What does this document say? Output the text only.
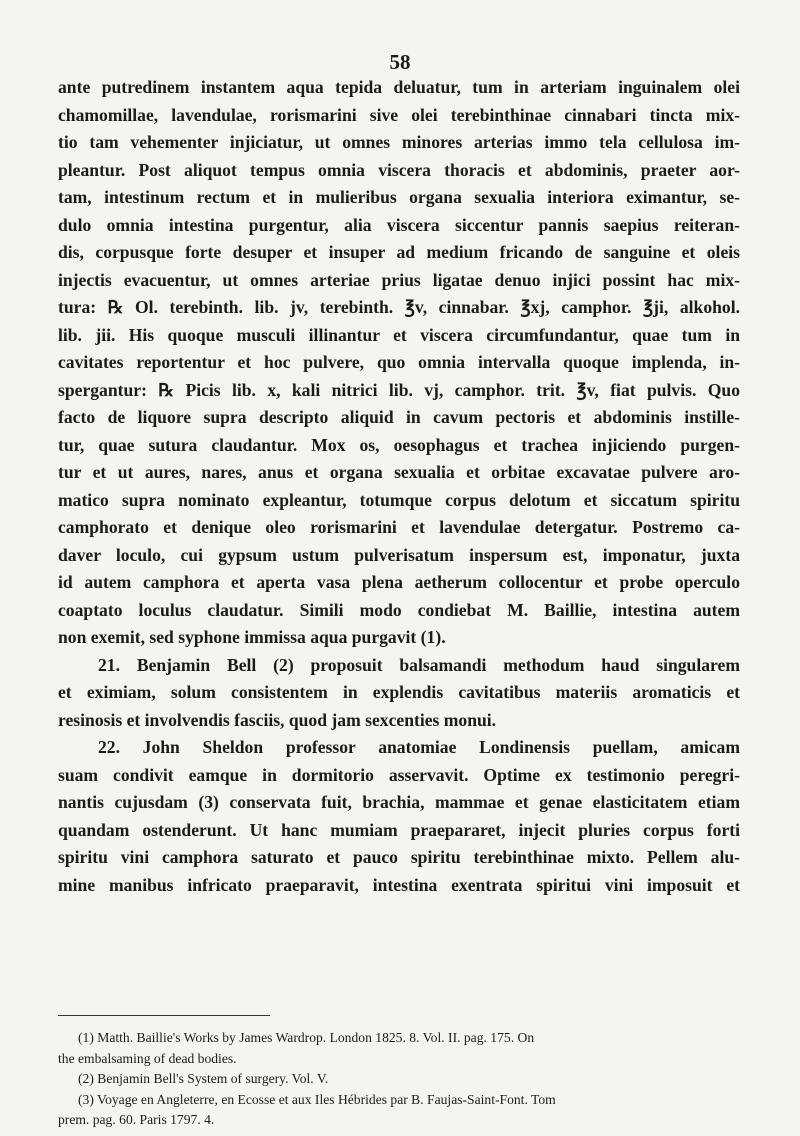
58
ante putredinem instantem aqua tepida deluatur, tum in arteriam inguinalem olei
chamomillae, lavendulae, rorismarini sive olei terebinthinae cinnabari tincta mix-
tio tam vehementer injiciatur, ut omnes minores arterias immo tela cellulosa im-
pleantur. Post aliquot tempus omnia viscera thoracis et abdominis, praeter aor-
tam, intestinum rectum et in mulieribus organa sexualia interiora eximantur, se-
dulo omnia intestina purgentur, alia viscera siccentur pannis saepius reiteran-
dis, corpusque forte desuper et insuper ad medium fricando de sanguine et oleis
injectis evacuentur, ut omnes arteriae prius ligatae denuo injici possint hac mix-
tura: ℞ Ol. terebinth. lib. jv, terebinth. ℥v, cinnabar. ℥xj, camphor. ℥ji, alkohol.
lib. jii. His quoque musculi illinantur et viscera circumfundantur, quae tum in
cavitates reportentur et hoc pulvere, quo omnia intervalla quoque implenda, in-
spergantur: ℞ Picis lib. x, kali nitrici lib. vj, camphor. trit. ℥v, fiat pulvis. Quo
facto de liquore supra descripto aliquid in cavum pectoris et abdominis instille-
tur, quae sutura claudantur. Mox os, oesophagus et trachea injiciendo purgen-
tur et ut aures, nares, anus et organa sexualia et orbitae excavatae pulvere aro-
matico supra nominato expleantur, totumque corpus delotum et siccatum spiritu
camphorato et denique oleo rorismarini et lavendulae detergatur. Postremo ca-
daver loculo, cui gypsum ustum pulverisatum inspersum est, imponatur, juxta
id autem camphora et aperta vasa plena aetherum collocentur et probe operculo
coaptato loculus claudatur. Simili modo condiebat M. Baillie, intestina autem
non exemit, sed syphone immissa aqua purgavit (1).
21. Benjamin Bell (2) proposuit balsamandi methodum haud singularem
et eximiam, solum consistentem in explendis cavitatibus materiis aromaticis et
resinosis et involvendis fasciis, quod jam sexcenties monui.
22. John Sheldon professor anatomiae Londinensis puellam, amicam
suam condivit eamque in dormitorio asservavit. Optime ex testimonio peregri-
nantis cujusdam (3) conservata fuit, brachia, mammae et genae elasticitatem etiam
quandam ostenderunt. Ut hanc mumiam praepararet, injecit pluries corpus forti
spiritu vini camphora saturato et pauco spiritu terebinthinae mixto. Pellem alu-
mine manibus infricato praeparavit, intestina exentrata spiritui vini imposuit et
(1) Matth. Baillie's Works by James Wardrop. London 1825. 8. Vol. II. pag. 175. On
the embalsaming of dead bodies.
(2) Benjamin Bell's System of surgery. Vol. V.
(3) Voyage en Angleterre, en Ecosse et aux Iles Hébrides par B. Faujas-Saint-Font. Tom
prem. pag. 60. Paris 1797. 4.
